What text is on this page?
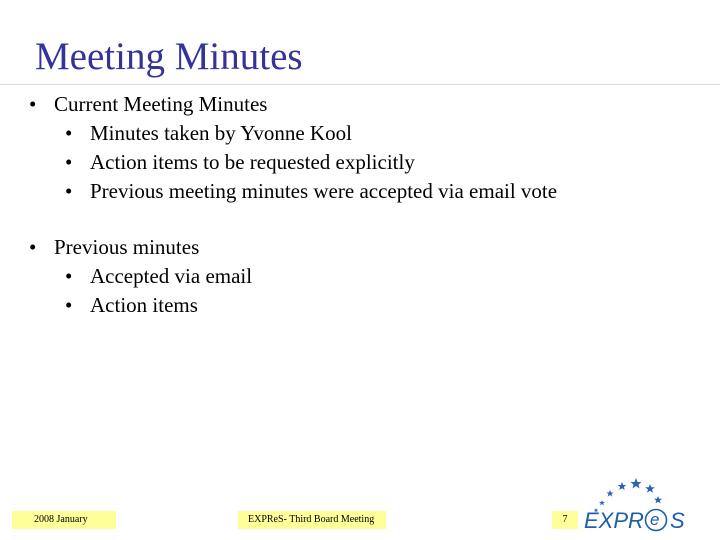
Meeting Minutes
• Current Meeting Minutes
• Minutes taken by Yvonne Kool
• Action items to be requested explicitly
• Previous meeting minutes were accepted via email vote
• Previous minutes
• Accepted via email
• Action items
2008 January	EXPReS- Third Board Meeting	7 EXPR e S
